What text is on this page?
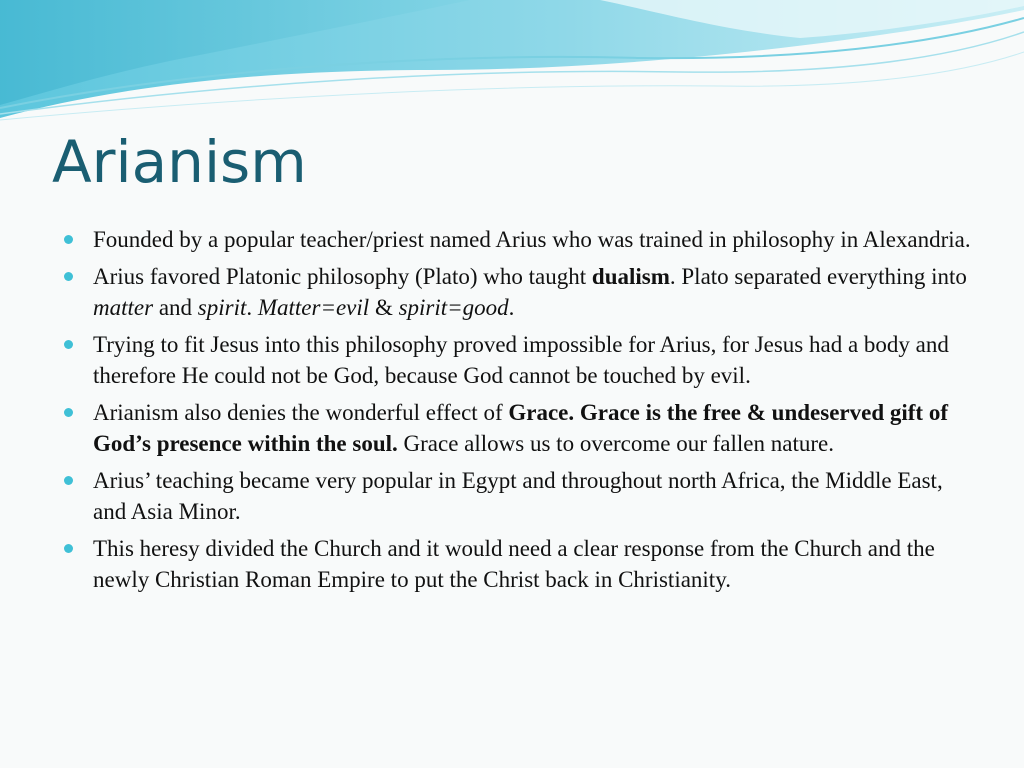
Arianism
Founded by a popular teacher/priest named Arius who was trained in philosophy in Alexandria.
Arius favored Platonic philosophy (Plato) who taught dualism. Plato separated everything into matter and spirit. Matter=evil & spirit=good.
Trying to fit Jesus into this philosophy proved impossible for Arius, for Jesus had a body and therefore He could not be God, because God cannot be touched by evil.
Arianism also denies the wonderful effect of Grace. Grace is the free & undeserved gift of God’s presence within the soul. Grace allows us to overcome our fallen nature.
Arius’ teaching became very popular in Egypt and throughout north Africa, the Middle East, and Asia Minor.
This heresy divided the Church and it would need a clear response from the Church and the newly Christian Roman Empire to put the Christ back in Christianity.
